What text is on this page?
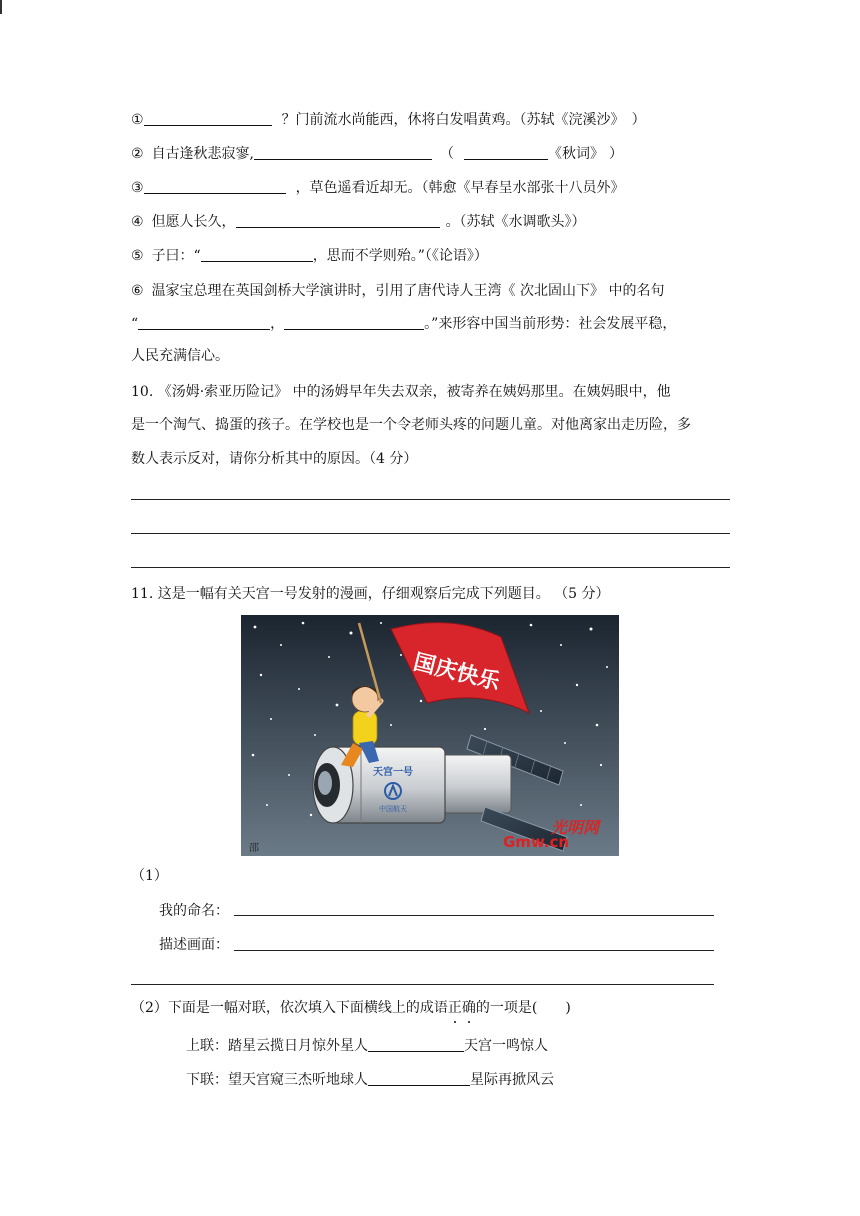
①	？门前流水尚能西，休将白发唱黄鸡。（苏轼《浣溪沙》 ）
② 自古逢秋悲寂寥,	（	《秋词》 ）
③	，草色遥看近却无。（韩愈《早春呈水部张十八员外》
④ 但愿人长久，	。（苏轼《水调歌头》）
⑤ 子曰：“	，思而不学则殆。”（《论语》）
⑥ 温家宝总理在英国剑桥大学演讲时，引用了唐代诗人王湾《 次北固山下》 中的名句
“	，	。”来形容中国当前形势：社会发展平稳，
人民充满信心。
10. 《汤姆·索亚历险记》 中的汤姆早年失去双亲，被寄养在姨妈那里。在姨妈眼中，他
是一个淘气、捣蛋的孩子。在学校也是一个令老师头疼的问题儿童。对他离家出走历险，多
数人表示反对，请你分析其中的原因。（4 分）
11. 这是一幅有关天宫一号发射的漫画，仔细观察后完成下列题目。 （5 分）
天宫一号
中国航天
国庆快乐
光明网
Gmw.cn
邵
（1）
我的命名：
描述画面：
（2）下面是一幅对联，依次填入下面横线上的成语正确的一项是(　　)
上联：踏星云揽日月惊外星人	天宫一鸣惊人
下联：望天宫窥三杰听地球人	星际再掀风云
